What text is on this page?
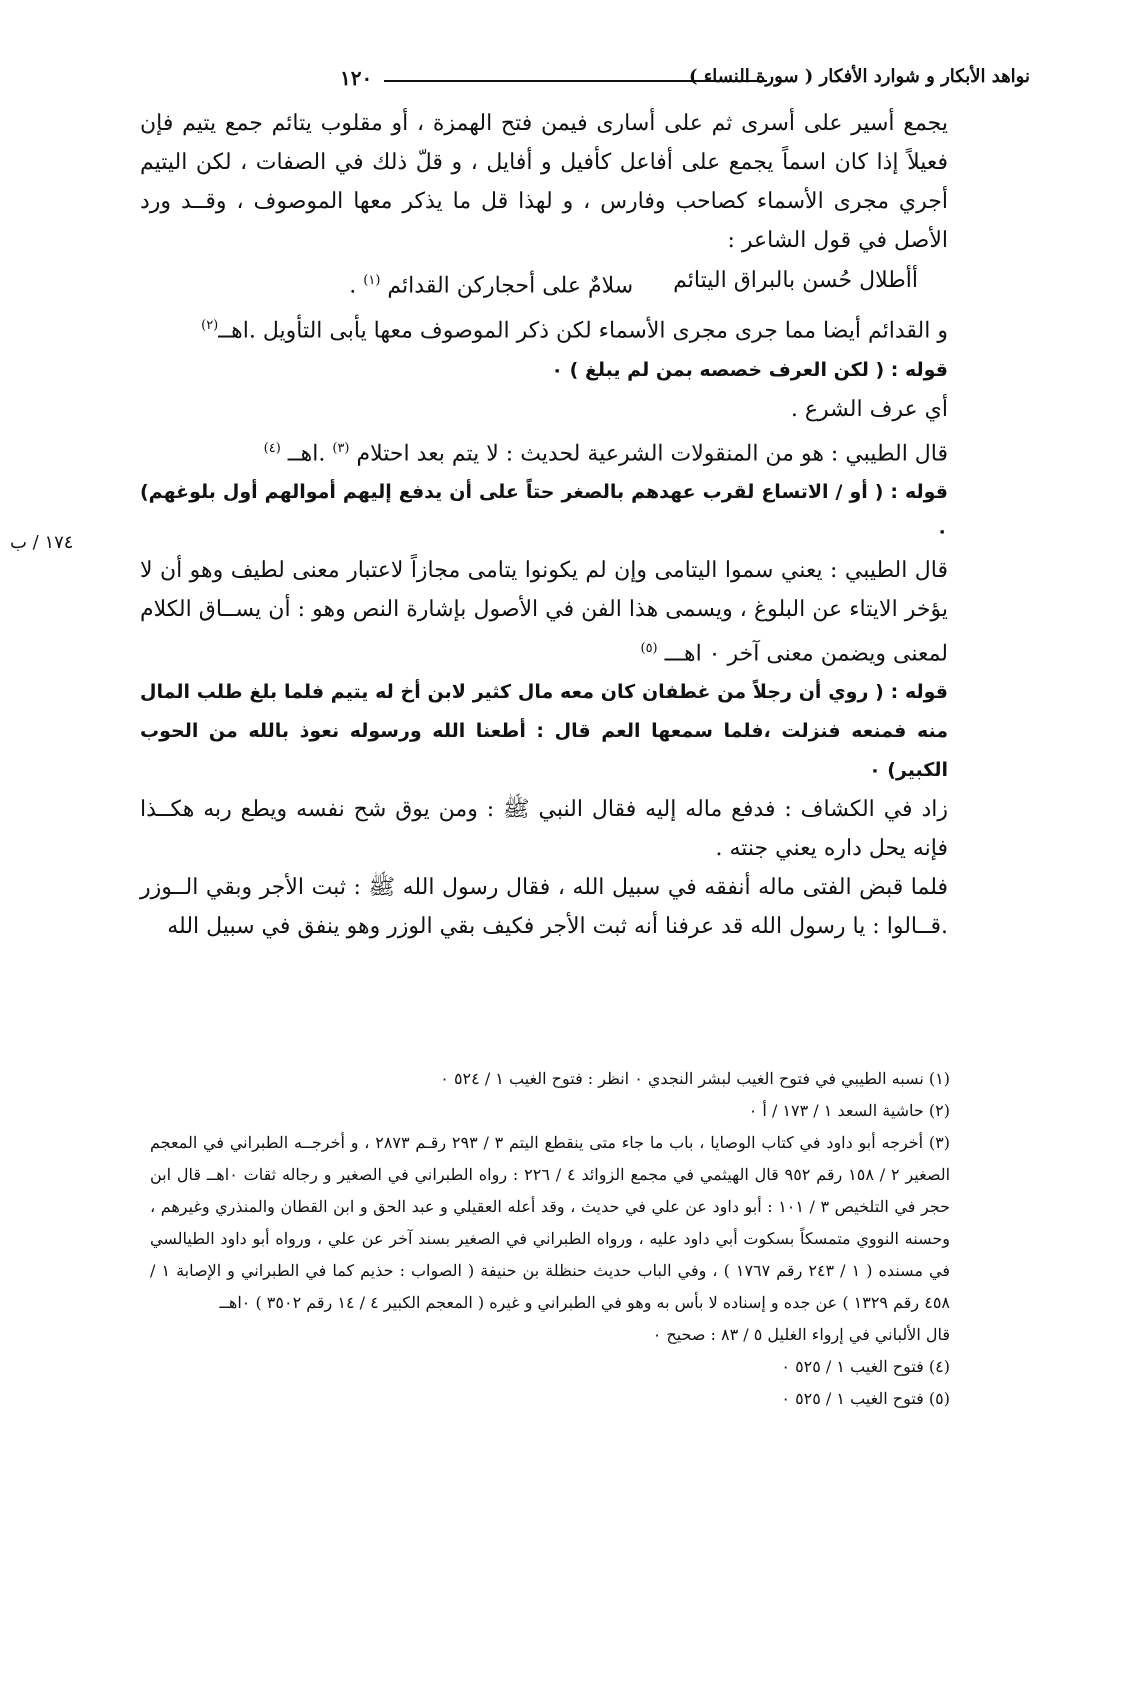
نواهد الأبكار و شوارد الأفكار ( سورة النساء )
١٢٠
١٧٤ / ب

يجمع أسير على أسرى ثم على أسارى فيمن فتح الهمزة ، أو مقلوب يتائم جمع يتيم فإن فعيلاً إذا كان اسماً يجمع على أفاعل كأفيل و أفايل ، و قلّ ذلك في الصفات ، لكن اليتيم أجري مجرى الأسماء كصاحب وفارس ، و لهذا قل ما يذكر معها الموصوف ، وقــد ورد الأصل في قول الشاعر :

أأطلال حُسن بالبراق اليتائم
سلامٌ على أحجاركن القدائم $^{(١)}$ .

و القدائم أيضا مما جرى مجرى الأسماء لكن ذكر الموصوف معها يأبى التأويل .اهــ$^{(٢)}$

قوله : ( لكن العرف خصصه بمن لم يبلغ ) ٠

أي عرف الشرع .

قال الطيبي : هو من المنقولات الشرعية لحديث : لا يتم بعد احتلام $^{(٣)}$ .اهــ $^{(٤)}$

قوله : ( أو / الاتساع لقرب عهدهم بالصغر حتاً على أن يدفع إليهم أموالهم أول بلوغهم) ٠

قال الطيبي : يعني سموا اليتامى وإن لم يكونوا يتامى مجازاً لاعتبار معنى لطيف وهو أن لا يؤخر الايتاء عن البلوغ ، ويسمى هذا الفن في الأصول بإشارة النص وهو : أن يســاق الكلام لمعنى ويضمن معنى آخر ٠ اهـــ $^{(٥)}$

قوله : ( روي أن رجلاً من غطفان كان معه مال كثير لابن أخ له يتيم فلما بلغ طلب المال منه فمنعه فنزلت ،فلما سمعها العم قال : أطعنا الله ورسوله نعوذ بالله من الحوب الكبير) ٠

زاد في الكشاف : فدفع ماله إليه فقال النبي ﷺ : ومن يوق شح نفسه ويطع ربه هكــذا فإنه يحل داره يعني جنته .

فلما قبض الفتى ماله أنفقه في سبيل الله ، فقال رسول الله ﷺ : ثبت الأجر وبقي الــوزر .قــالوا : يا رسول الله قد عرفنا أنه ثبت الأجر فكيف بقي الوزر وهو ينفق في سبيل الله

(١) نسبه الطيبي في فتوح الغيب لبشر النجدي ٠ انظر : فتوح الغيب ١ / ٥٢٤ ٠

(٢) حاشية السعد ١ / ١٧٣ / أ ٠

(٣) أخرجه أبو داود في كتاب الوصايا ، باب ما جاء متى ينقطع اليتم ٣ / ٢٩٣ رقـم ٢٨٧٣ ، و أخرجــه الطبراني في المعجم الصغير ٢ / ١٥٨ رقم ٩٥٢ قال الهيثمي في مجمع الزوائد ٤ / ٢٢٦ : رواه الطبراني في الصغير و رجاله ثقات ٠اهــ قال ابن حجر في التلخيص ٣ / ١٠١ : أبو داود عن علي في حديث ، وقد أعله العقيلي و عبد الحق و ابن القطان والمنذري وغيرهم ، وحسنه النووي متمسكاً بسكوت أبي داود عليه ، ورواه الطبراني في الصغير بسند آخر عن علي ، ورواه أبو داود الطيالسي في مسنده ( ١ / ٢٤٣ رقم ١٧٦٧ ) ، وفي الباب حديث حنظلة بن حنيفة ( الصواب : حذيم كما في الطبراني و الإصابة ١ / ٤٥٨ رقم ١٣٢٩ ) عن جده و إسناده لا بأس به وهو في الطبراني و غيره ( المعجم الكبير ٤ / ١٤ رقم ٣٥٠٢ ) ٠اهــ

قال الألباني في إرواء الغليل ٥ / ٨٣ : صحيح ٠

(٤) فتوح الغيب ١ / ٥٢٥ ٠

(٥) فتوح الغيب ١ / ٥٢٥ ٠
